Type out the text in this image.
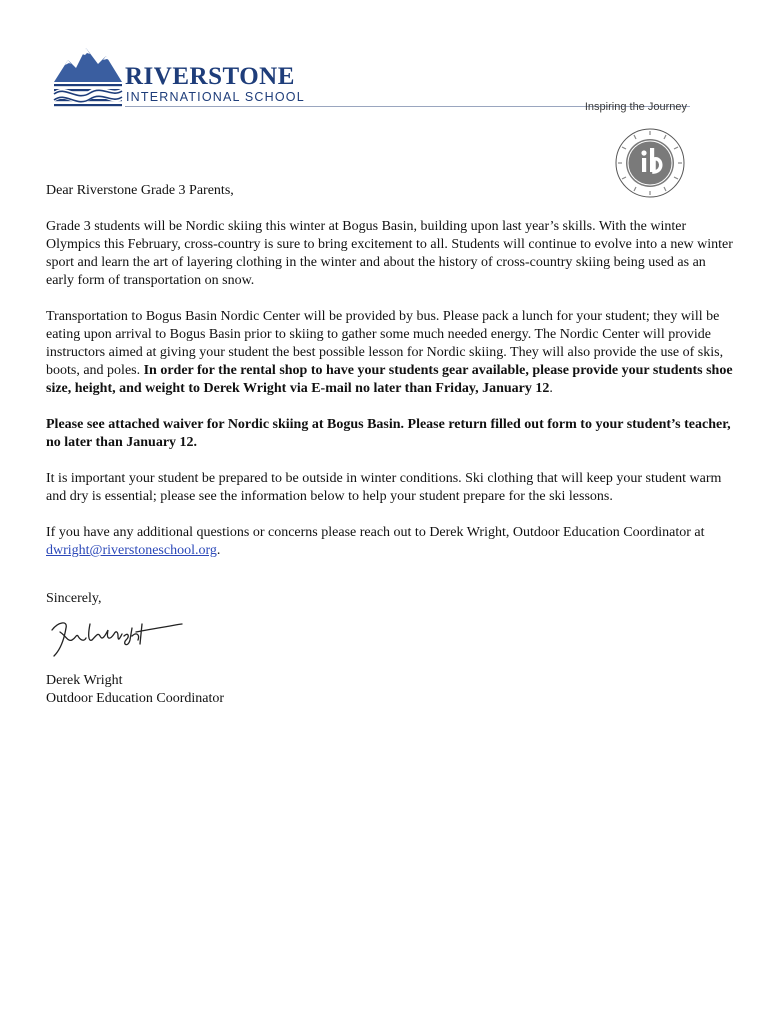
RIVERSTONE
INTERNATIONAL SCHOOL
Inspiring the Journey

Dear Riverstone Grade 3 Parents,

Grade 3 students will be Nordic skiing this winter at Bogus Basin, building upon last year’s skills. With the winter Olympics this February, cross-country is sure to bring excitement to all. Students will continue to evolve into a new winter sport and learn the art of layering clothing in the winter and about the history of cross-country skiing being used as an early form of transportation on snow.

Transportation to Bogus Basin Nordic Center will be provided by bus. Please pack a lunch for your student; they will be eating upon arrival to Bogus Basin prior to skiing to gather some much needed energy. The Nordic Center will provide instructors aimed at giving your student the best possible lesson for Nordic skiing. They will also provide the use of skis, boots, and poles. In order for the rental shop to have your students gear available, please provide your students shoe size, height, and weight to Derek Wright via E-mail no later than Friday, January 12.

Please see attached waiver for Nordic skiing at Bogus Basin. Please return filled out form to your student’s teacher, no later than January 12.

It is important your student be prepared to be outside in winter conditions. Ski clothing that will keep your student warm and dry is essential; please see the information below to help your student prepare for the ski lessons.

If you have any additional questions or concerns please reach out to Derek Wright, Outdoor Education Coordinator at dwright@riverstoneschool.org.

Sincerely,

Derek Wright

Outdoor Education Coordinator
